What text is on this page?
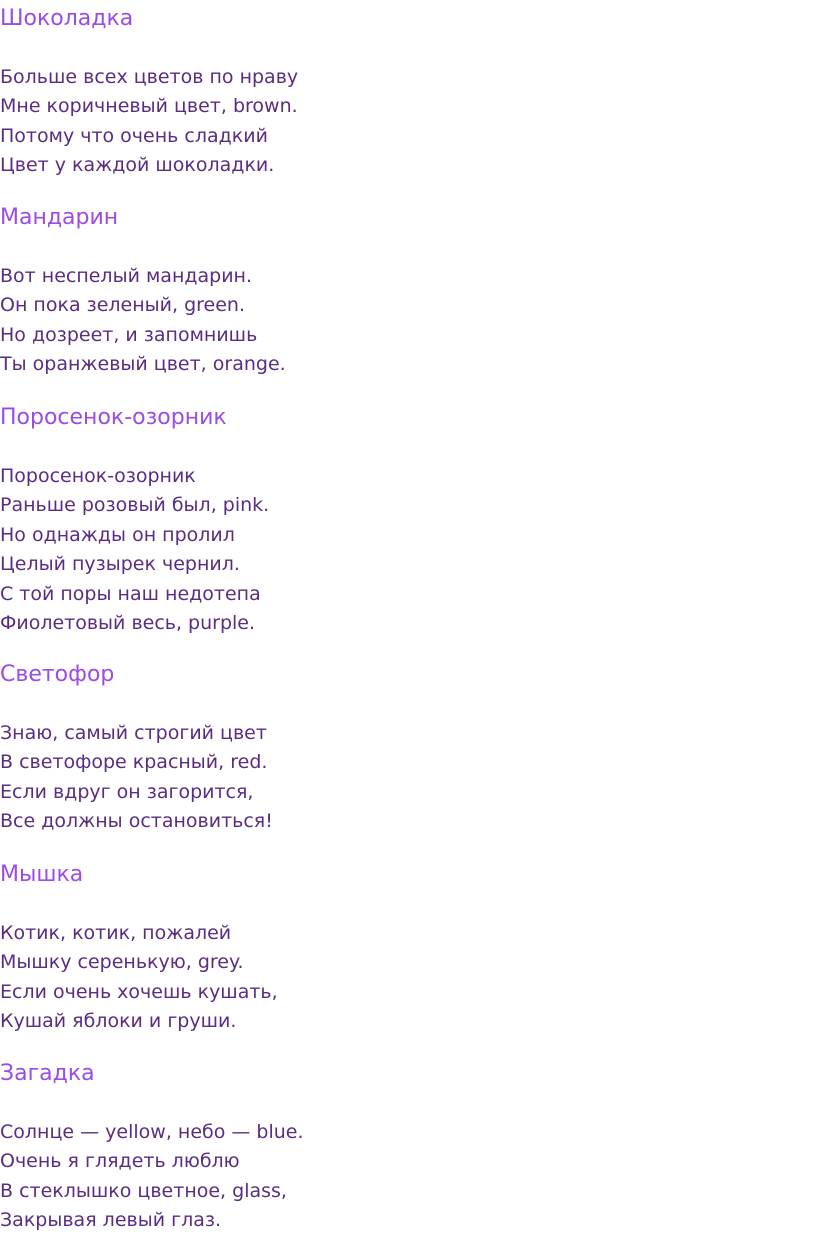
Шоколадка
Больше всех цветов по нраву
Мне коричневый цвет, brown.
Потому что очень сладкий
Цвет у каждой шоколадки.
Мандарин
Вот неспелый мандарин.
Он пока зеленый, green.
Но дозреет, и запомнишь
Ты оранжевый цвет, orange.
Поросенок-озорник
Поросенок-озорник
Раньше розовый был, pink.
Но однажды он пролил
Целый пузырек чернил.
С той поры наш недотепа
Фиолетовый весь, purple.
Светофор
Знаю, самый строгий цвет
В светофоре красный, red.
Если вдруг он загорится,
Все должны остановиться!
Мышка
Котик, котик, пожалей
Мышку серенькую, grey.
Если очень хочешь кушать,
Кушай яблоки и груши.
Загадка
Солнце — yellow, небо — blue.
Очень я глядеть люблю
В стеклышко цветное, glass,
Закрывая левый глаз.
